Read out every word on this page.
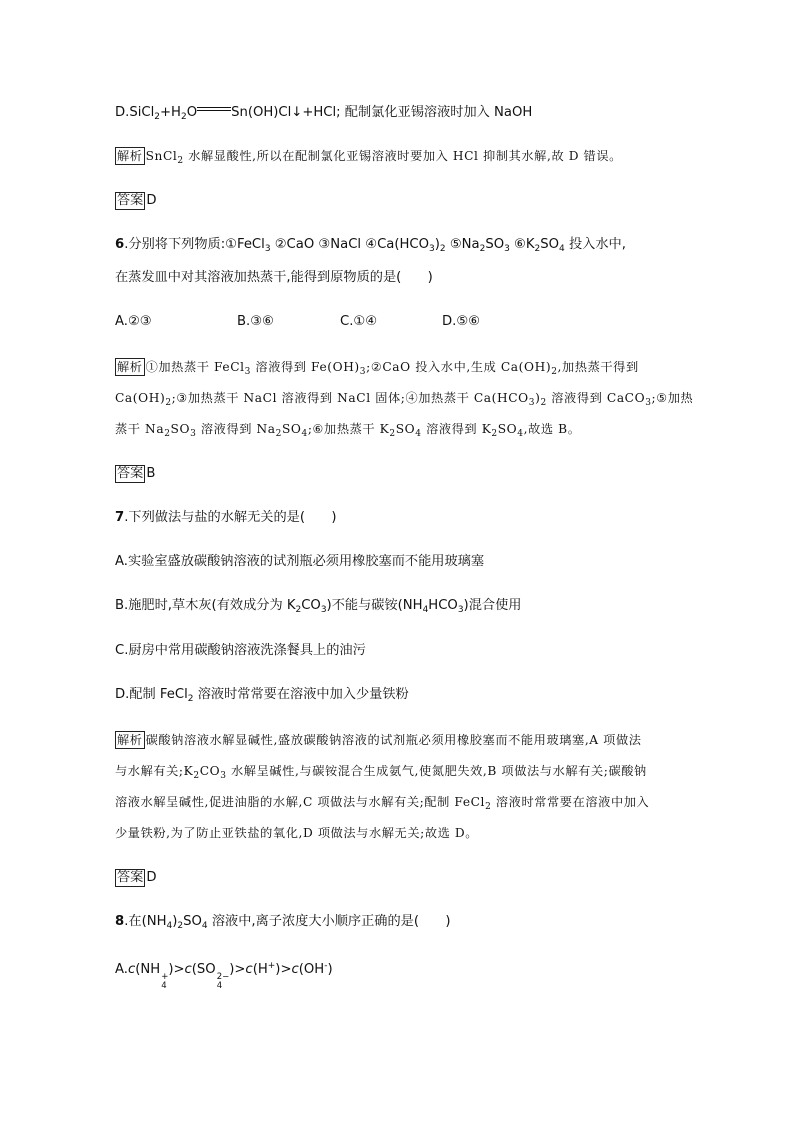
$D.SiCl_2+H_2O$	Sn(OH)Cl↓+HCl; 配制氯化亚锡溶液时加入 NaOH
解析 SnCl$_2$ 水解显酸性,所以在配制氯化亚锡溶液时要加入 HCl 抑制其水解,故 D 错误。
答案 D
6.分别将下列物质:①FeCl$_3$ ②CaO ③NaCl $④Ca(HCO_3)_2$ $⑤Na_2SO_3$ $⑥K_2SO_4$ 投入水中,
在蒸发皿中对其溶液加热蒸干,能得到原物质的是(　　)
A.②③	B.③⑥	C.①④	D.⑤⑥
解析 ①加热蒸干 FeCl$_3$ 溶液得到 $Fe(OH)_3;②CaO$ 投入水中,生成 $Ca(OH)_2$,加热蒸干得到
$Ca(OH)_2;③$加热蒸干 NaCl 溶液得到 NaCl 固体;④加热蒸干 $Ca(HCO_3)_2$ 溶液得到 CaCO$_3$;⑤加热
蒸干 $Na_2SO_3$ 溶液得到 $Na_2SO_4;⑥$加热蒸干 $K_2SO_4$ 溶液得到 $K_2SO_4$,故选 B。
答案 B
7.下列做法与盐的水解无关的是(　　)
A.实验室盛放碳酸钠溶液的试剂瓶必须用橡胶塞而不能用玻璃塞
B.施肥时,草木灰(有效成分为 $K_2CO_3$)不能与碳铵$(NH_4HCO_3)$混合使用
C.厨房中常用碳酸钠溶液洗涤餐具上的油污
D.配制 FeCl$_2$ 溶液时常常要在溶液中加入少量铁粉
解析 碳酸钠溶液水解显碱性,盛放碳酸钠溶液的试剂瓶必须用橡胶塞而不能用玻璃塞,A 项做法
与水解有关$;K_2CO_3$ 水解呈碱性,与碳铵混合生成氨气,使氮肥失效,B 项做法与水解有关;碳酸钠
溶液水解呈碱性,促进油脂的水解,C 项做法与水解有关;配制 FeCl$_2$ 溶液时常常要在溶液中加入
少量铁粉,为了防止亚铁盐的氧化,D 项做法与水解无关;故选 D。
答案 D
8.在$(NH_4)_2SO_4$ 溶液中,离子浓度大小顺序正确的是(　　)
A.c(NH +
4
)>c(SO 2−
4
)>c(H+)>c(OH-)
